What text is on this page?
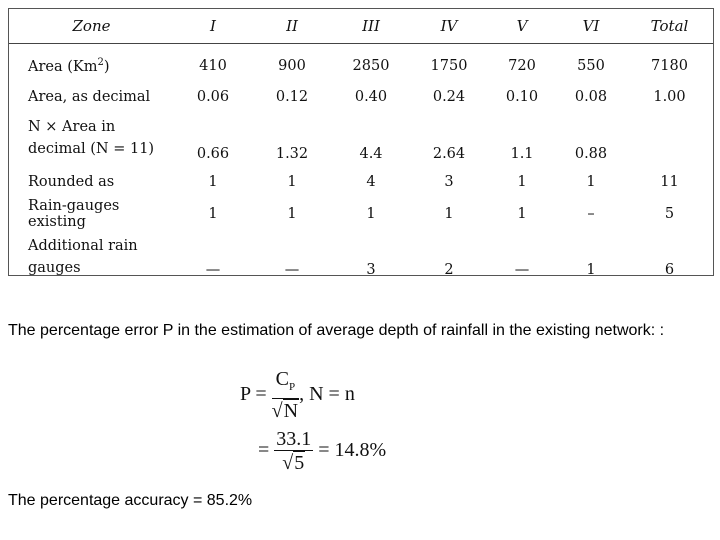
Zone	I	II	III	IV	V	VI	Total
Area (Km$^2$)	410	900	2850	1750	720	550	7180
Area, as decimal	0.06	0.12	0.40	0.24	0.10	0.08	1.00
N × Area in
decimal (N = 11)	0.66	1.32	4.4	2.64	1.1	0.88	
Rounded as	1	1	4	3	1	1	11
Rain-gauges existing	1	1	1	1	1	–	5
Additional rain
gauges	—	—	3	2	—	1	6
The percentage error P in the estimation of average depth of rainfall in the existing network: :
$P = \frac{C_P}{√N}$ , N = n
= $\frac{33.1}{√5} = 14.8\%$
The percentage accuracy = 85.2%
